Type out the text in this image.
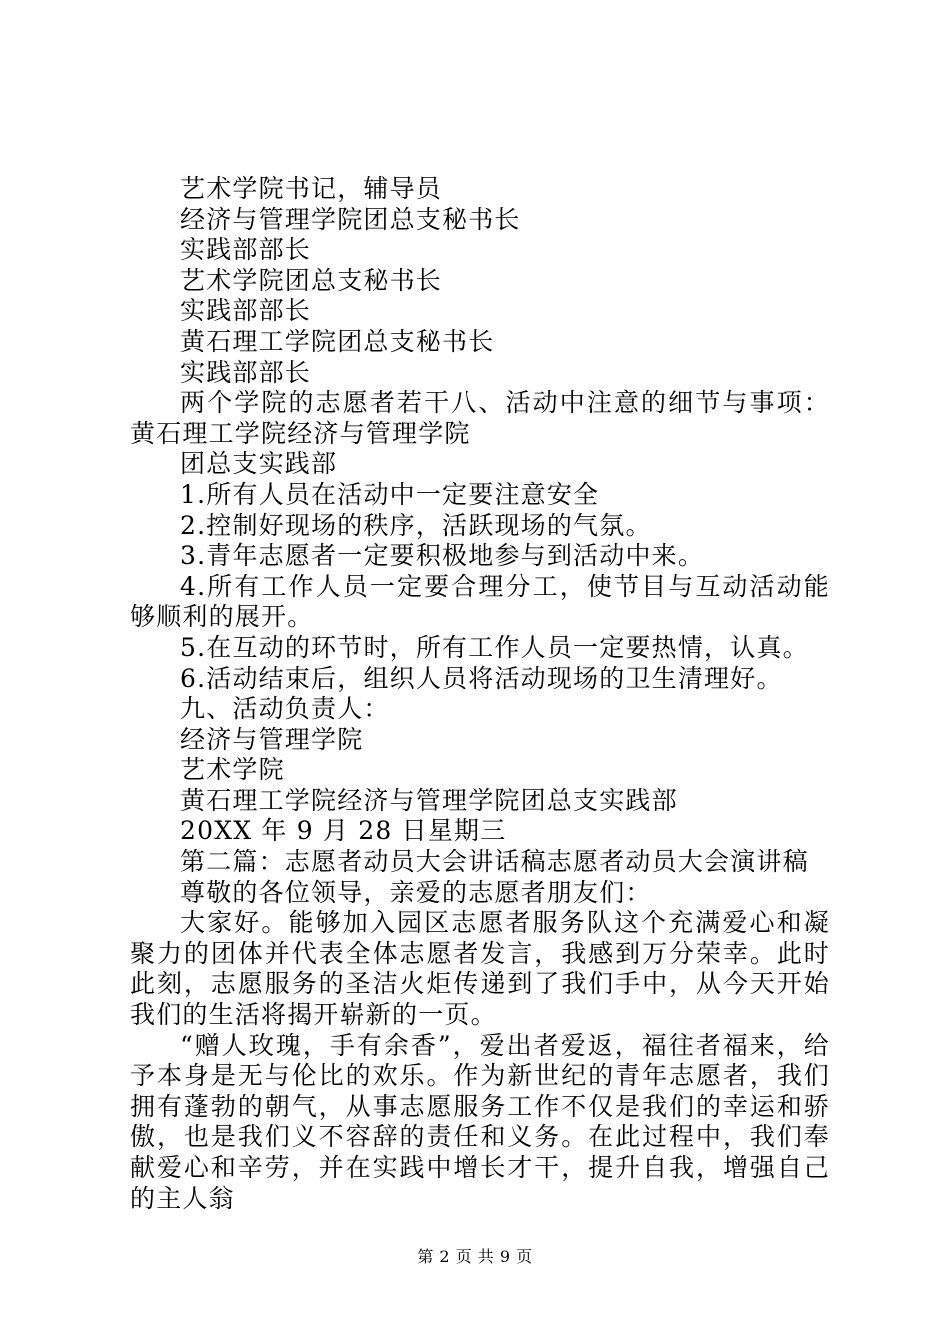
艺术学院书记，辅导员

经济与管理学院团总支秘书长

实践部部长

艺术学院团总支秘书长

实践部部长

黄石理工学院团总支秘书长

实践部部长

两个学院的志愿者若干八、活动中注意的细节与事项：黄石理工学院经济与管理学院

团总支实践部

1.所有人员在活动中一定要注意安全

2.控制好现场的秩序，活跃现场的气氛。

3.青年志愿者一定要积极地参与到活动中来。

4.所有工作人员一定要合理分工，使节目与互动活动能够顺利的展开。

5.在互动的环节时，所有工作人员一定要热情，认真。

6.活动结束后，组织人员将活动现场的卫生清理好。

九、活动负责人：

经济与管理学院

艺术学院

黄石理工学院经济与管理学院团总支实践部

20XX 年 9 月 28 日星期三

第二篇：志愿者动员大会讲话稿志愿者动员大会演讲稿

尊敬的各位领导，亲爱的志愿者朋友们：

大家好。能够加入园区志愿者服务队这个充满爱心和凝聚力的团体并代表全体志愿者发言，我感到万分荣幸。此时此刻，志愿服务的圣洁火炬传递到了我们手中，从今天开始我们的生活将揭开崭新的一页。

“赠人玫瑰，手有余香”，爱出者爱返，福往者福来，给予本身是无与伦比的欢乐。作为新世纪的青年志愿者，我们拥有蓬勃的朝气，从事志愿服务工作不仅是我们的幸运和骄傲，也是我们义不容辞的责任和义务。在此过程中，我们奉献爱心和辛劳，并在实践中增长才干，提升自我，增强自己的主人翁

第 2 页 共 9 页
